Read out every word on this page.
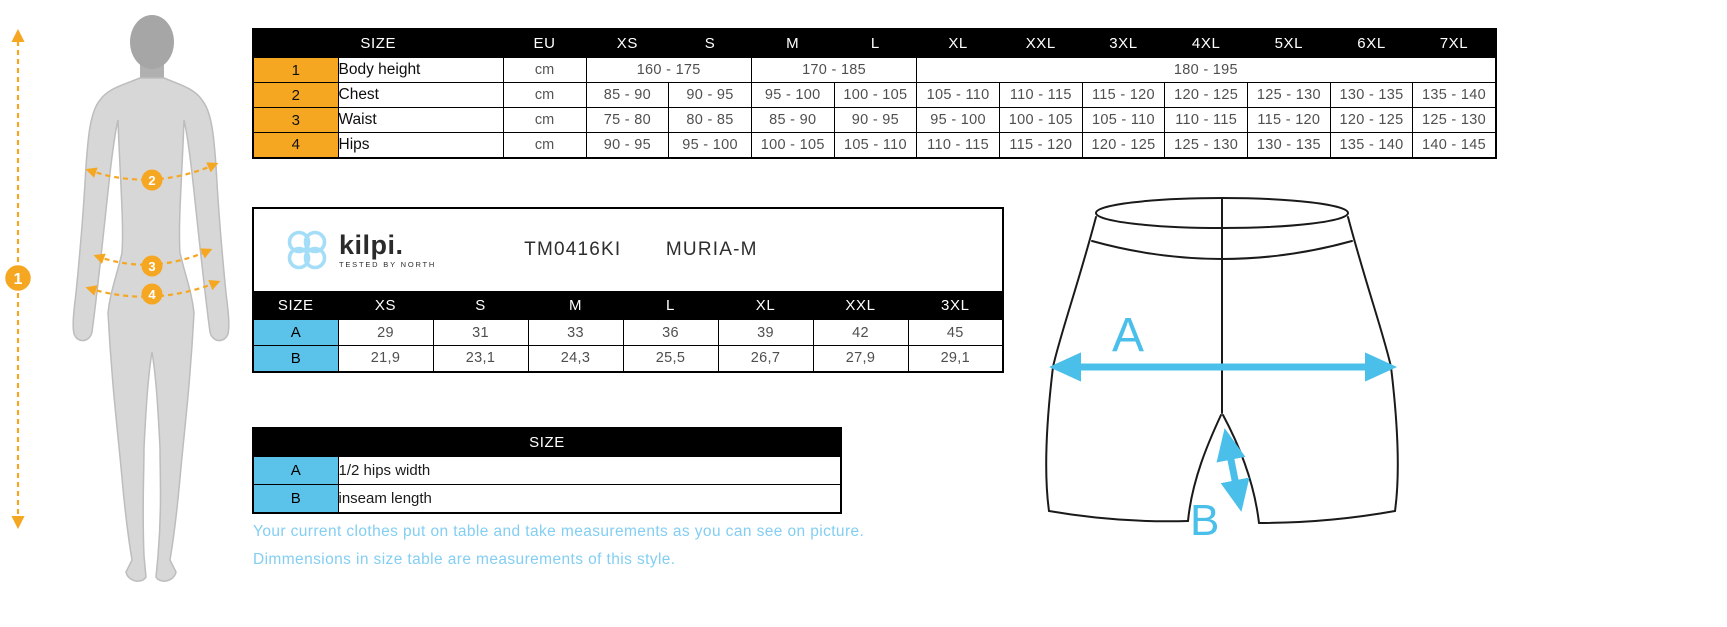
1
2
3
4
SIZE		EU	XS	S	M	L	XL	XXL	3XL	4XL	5XL	6XL	7XL
1	Body height	cm	160 - 175		170 - 185		180 - 195						
2	Chest	cm	85 - 90	90 - 95	95 - 100	100 - 105	105 - 110	110 - 115	115 - 120	120 - 125	125 - 130	130 - 135	135 - 140
3	Waist	cm	75 - 80	80 - 85	85 - 90	90 - 95	95 - 100	100 - 105	105 - 110	110 - 115	115 - 120	120 - 125	125 - 130
4	Hips	cm	90 - 95	95 - 100	100 - 105	105 - 110	110 - 115	115 - 120	120 - 125	125 - 130	130 - 135	135 - 140	140 - 145
kilpi.
TESTED BY NORTH
TM0416KI MURIA-M							

SIZE	XS	S	M	L	XL	XXL	3XL
A	29	31	33	36	39	42	45
B	21,9	23,1	24,3	25,5	26,7	27,9	29,1
SIZE	
A	1/2 hips width
B	inseam length
A
B
Your current clothes put on table and take measurements as you can see on picture.
Dimmensions in size table are measurements of this style.
